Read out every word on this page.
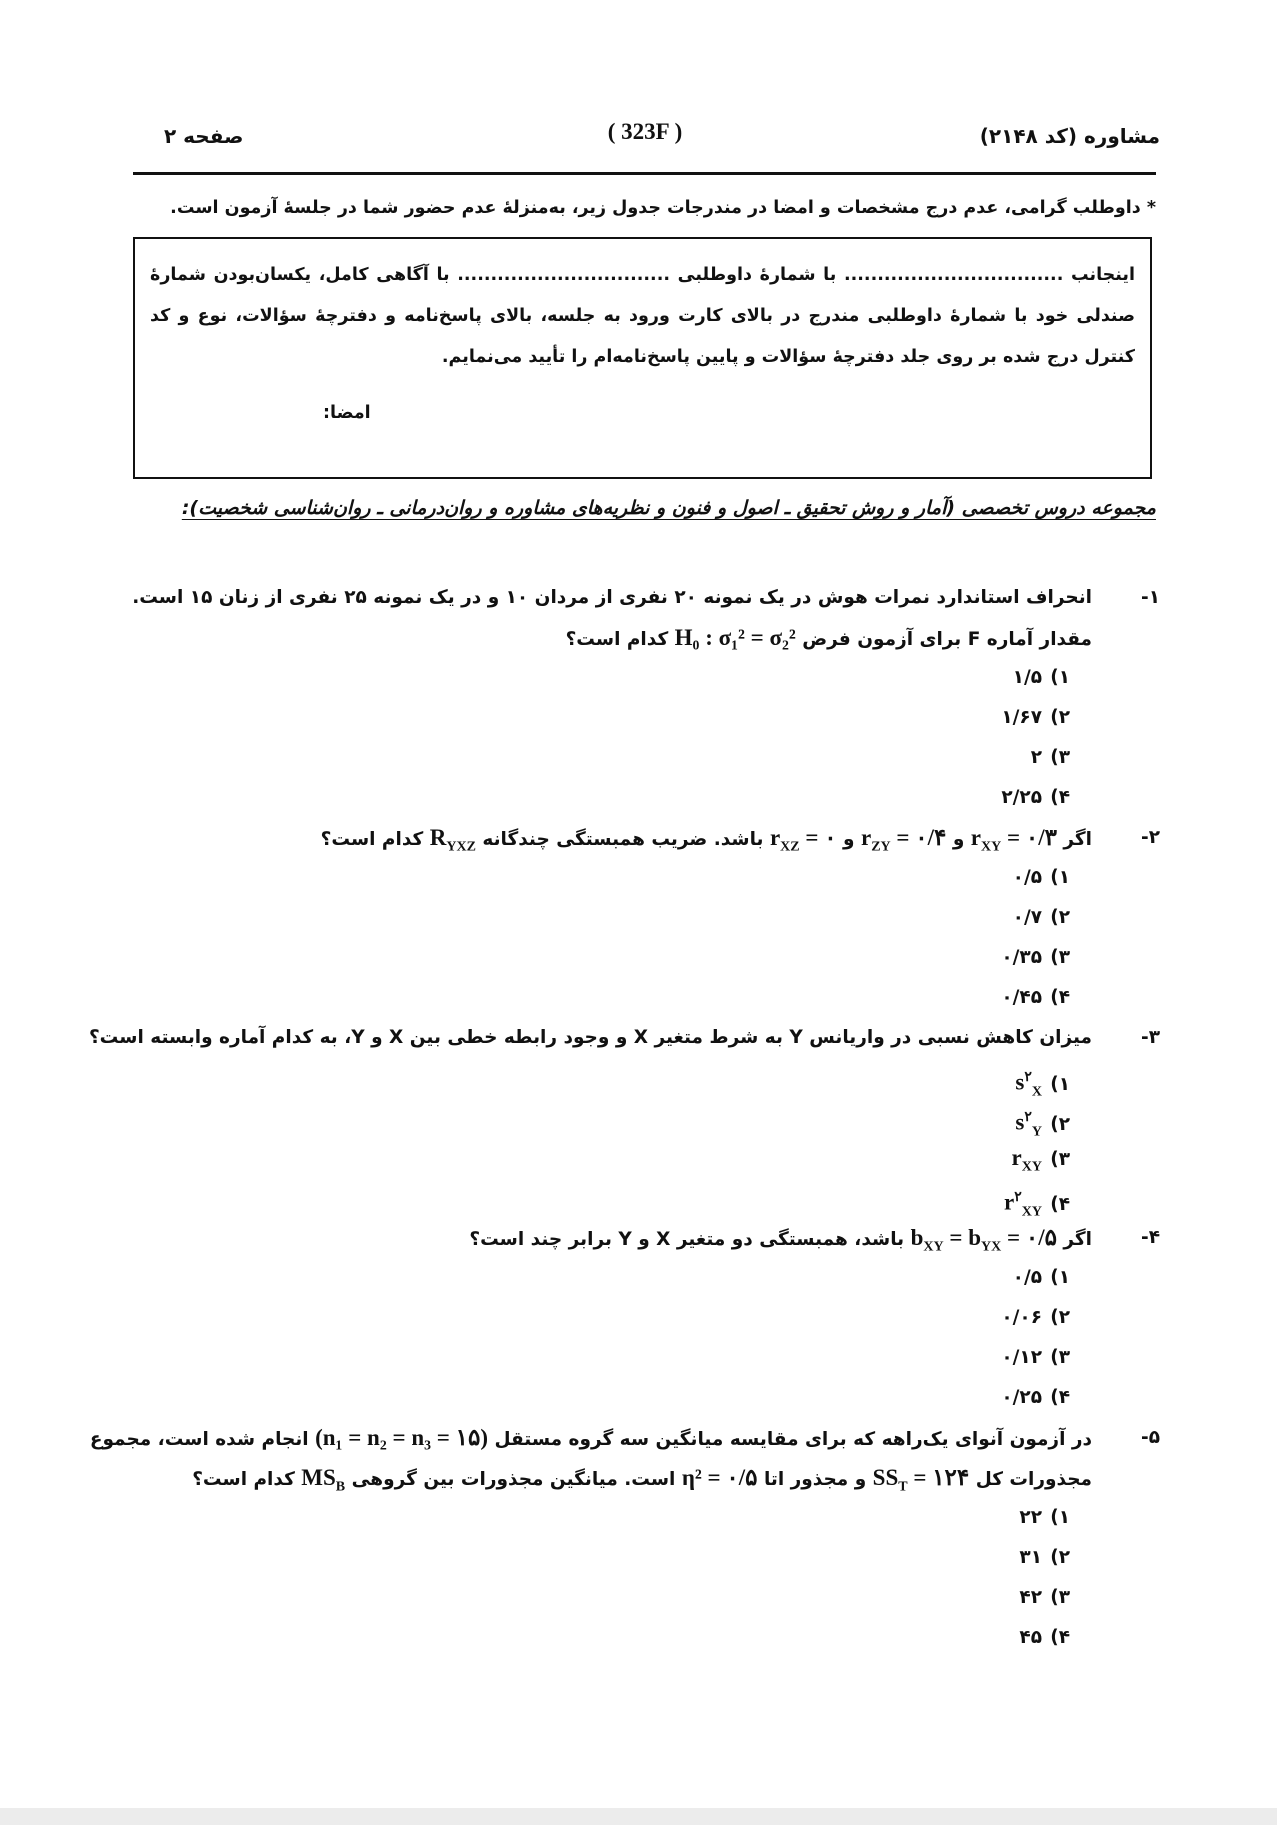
صفحه ۲	( 323F )	مشاوره (کد ۲۱۴۸)
* داوطلب گرامی، عدم درج مشخصات و امضا در مندرجات جدول زیر، به‌منزلهٔ عدم حضور شما در جلسهٔ آزمون است.
اینجانب ................................. با شمارهٔ داوطلبی ................................ با آگاهی کامل، یکسان‌بودن شمارهٔ صندلی خود با شمارهٔ داوطلبی مندرج در بالای کارت ورود به جلسه، بالای پاسخ‌نامه و دفترچهٔ سؤالات، نوع و کد کنترل درج شده بر روی جلد دفترچهٔ سؤالات و پایین پاسخ‌نامه‌ام را تأیید می‌نمایم.
امضا:
مجموعه دروس تخصصی (آمار و روش تحقیق ـ اصول و فنون و نظریه‌های مشاوره و روان‌درمانی ـ روان‌شناسی شخصیت):
۱-
انحراف استاندارد نمرات هوش در یک نمونه ۲۰ نفری از مردان ۱۰ و در یک نمونه ۲۵ نفری از زنان ۱۵ است.
مقدار آماره F برای آزمون فرض H₀ : σ₁² = σ₂² کدام است؟
۱)۱/۵
۲)۱/۶۷
۳)۲
۴)۲/۲۵
۲-
اگر $r_{XY}$ = ۰/۳ و $r_{ZY}$ = ۰/۴ و $r_{XZ}$ = ۰ باشد. ضریب همبستگی چندگانه $R_{YXZ}$ کدام است؟
۱)۰/۵
۲)۰/۷
۳)۰/۳۵
۴)۰/۴۵
۳-
میزان کاهش نسبی در واریانس Y به شرط متغیر X و وجود رابطه خطی بین X و Y، به کدام آماره وابسته است؟
$۱)s^۲_X$
$۲)s^۲_Y$
$۳)r_{XY}$
$۴)r^۲_{XY}$
۴-
اگر $b_{XY} = b_{YX}$ = ۰/۵ باشد، همبستگی دو متغیر X و Y برابر چند است؟
۱)۰/۵
۲)۰/۰۶
۳)۰/۱۲
۴)۰/۲۵
۵-
در آزمون آنوای یک‌راهه که برای مقایسه میانگین سه گروه مستقل (n₁ = n₂ = n₃ = ۱۵) انجام شده است، مجموع
مجذورات کل $SS_T$ = ۱۲۴ و مجذور اتا η² = ۰/۵ است. میانگین مجذورات بین گروهی $MS_B$ کدام است؟
۱)۲۲
۲)۳۱
۳)۴۲
۴)۴۵
